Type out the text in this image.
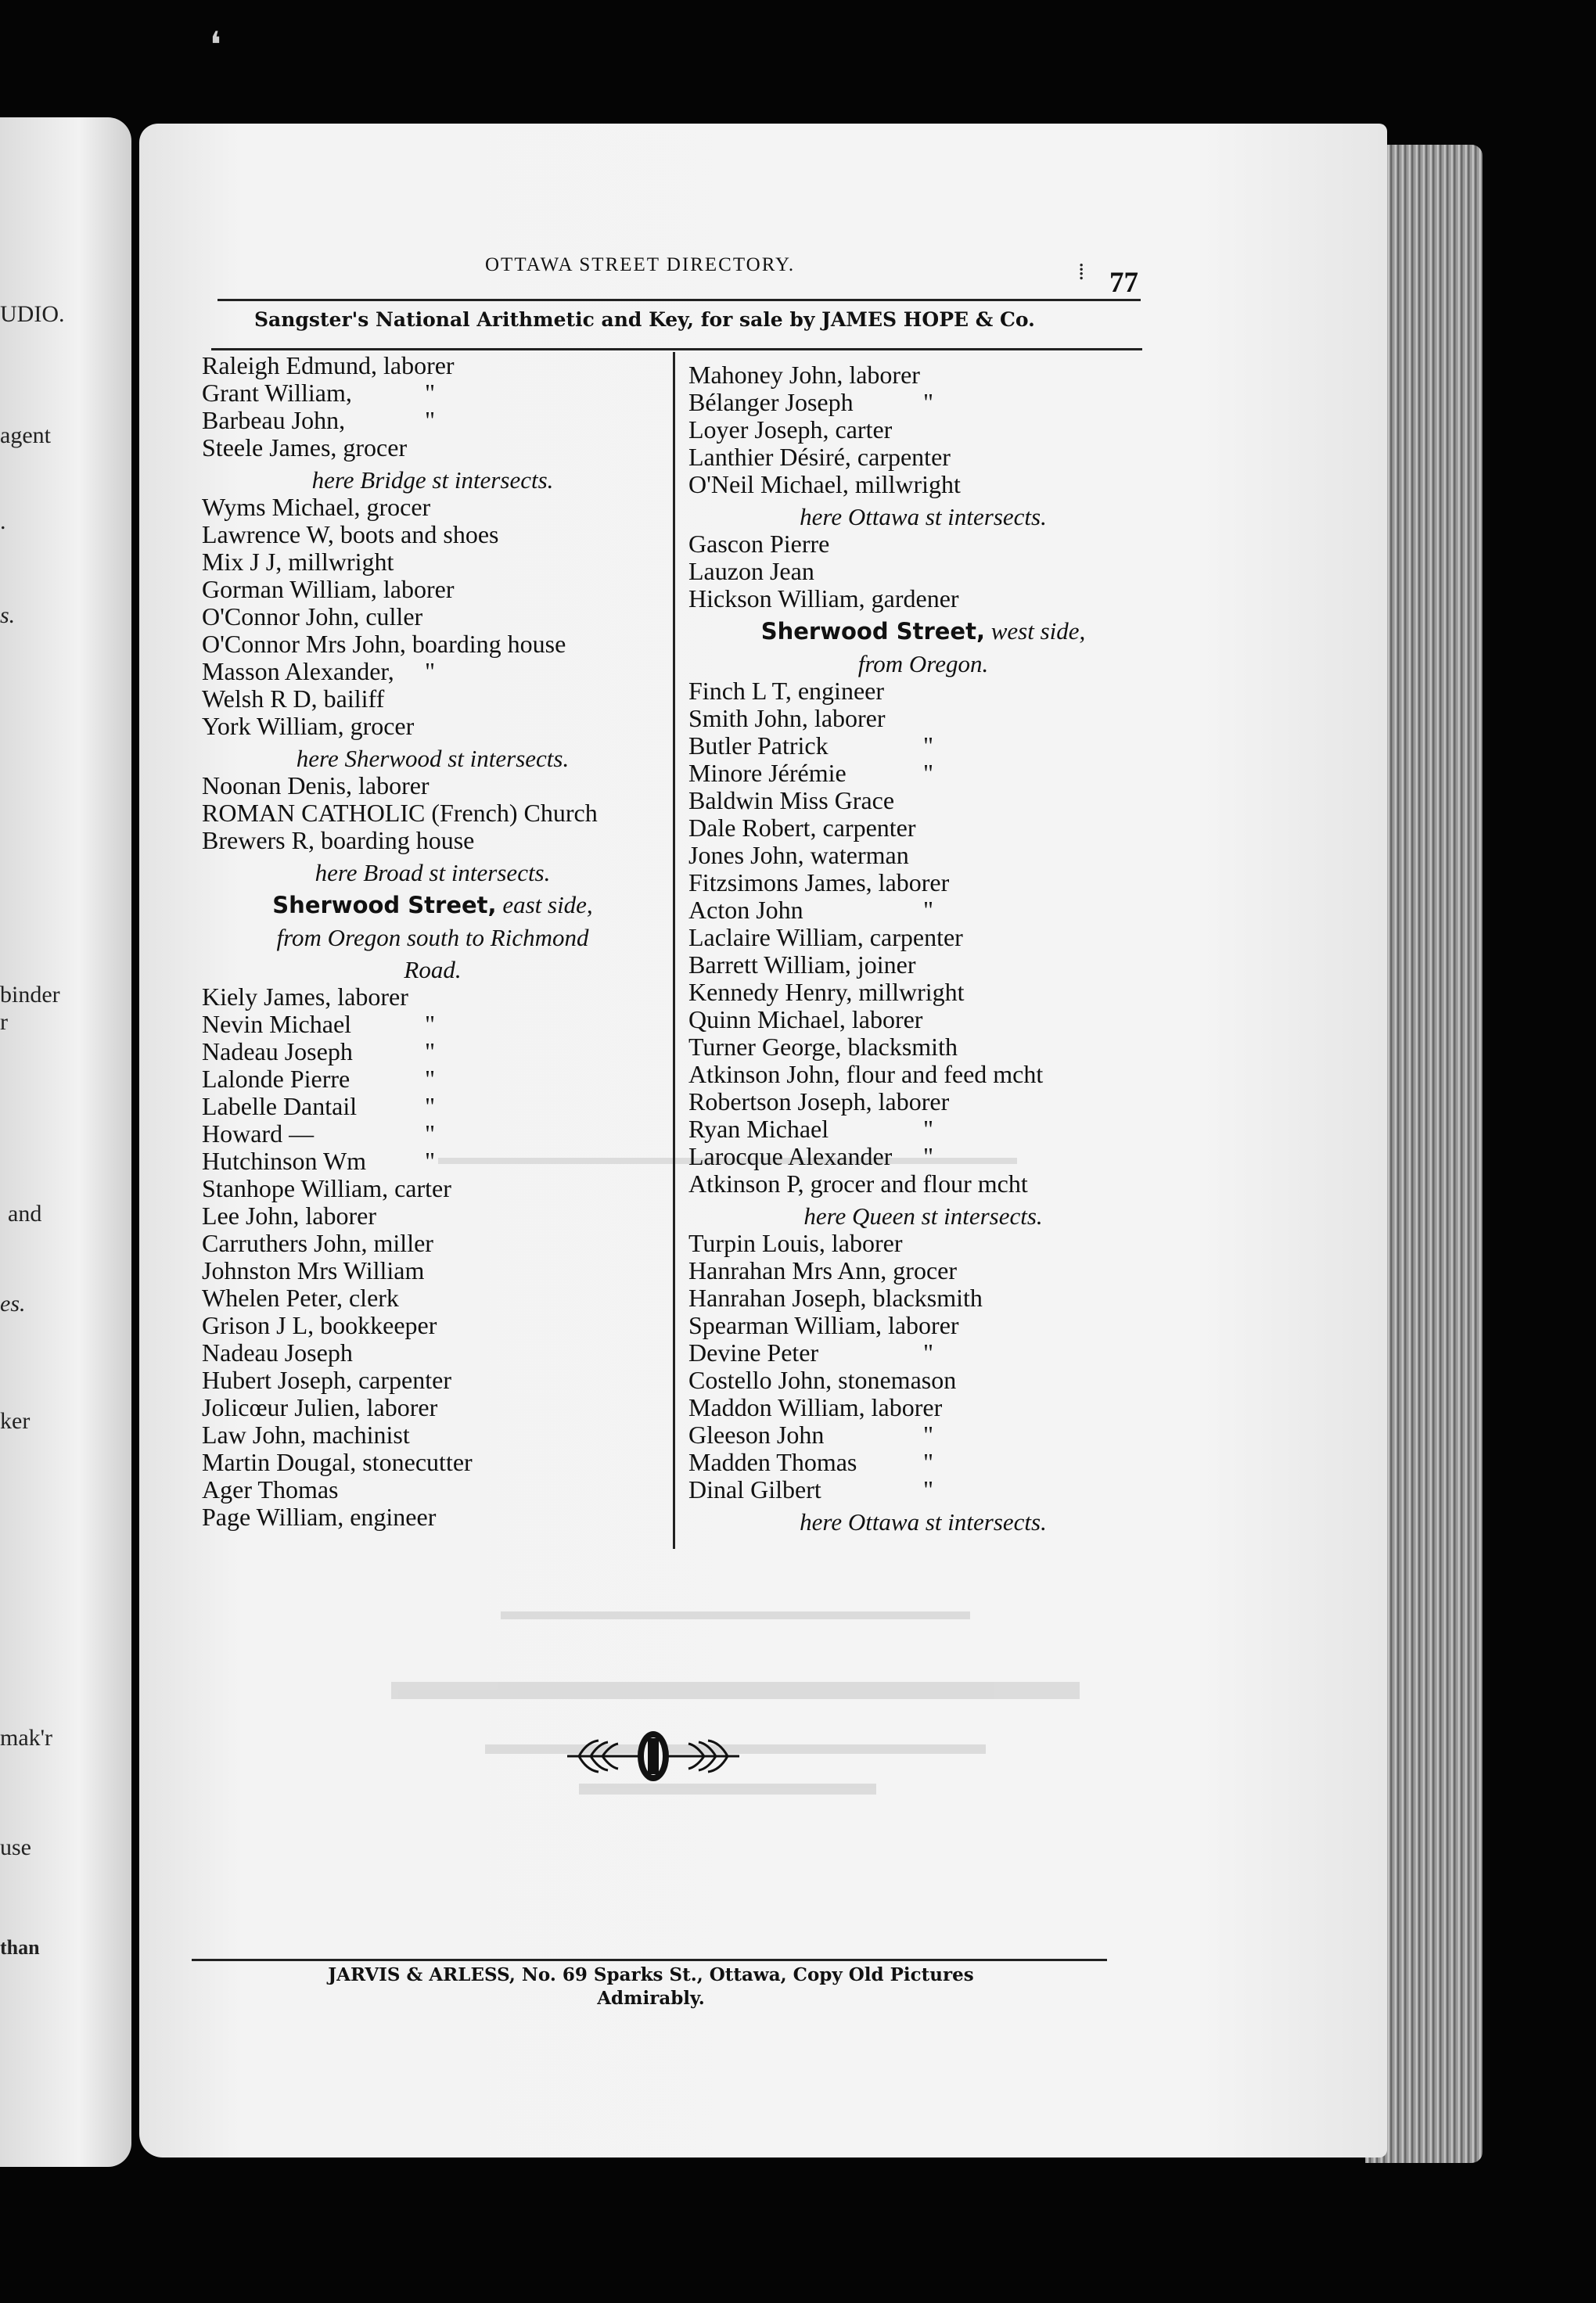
UDIO.
agent
.
s.
binder
r
and
es.
ker
mak'r
use
than
❛
OTTAWA STREET DIRECTORY.	⁞ 77
Sangster's National Arithmetic and Key, for sale by JAMES HOPE & Co.
Raleigh Edmund, laborer
Grant William,	"
Barbeau John,	"
Steele James, grocer
here Bridge st intersects.
Wyms Michael, grocer
Lawrence W, boots and shoes
Mix J J, millwright
Gorman William, laborer
O'Connor John, culler
O'Connor Mrs John, boarding house
Masson Alexander, "
Welsh R D, bailiff
York William, grocer
here Sherwood st intersects.
Noonan Denis, laborer
ROMAN CATHOLIC (French) Church
Brewers R, boarding house
here Broad st intersects.
Sherwood Street, east side,
from Oregon south to Richmond
Road.
Kiely James, laborer
Nevin Michael	"
Nadeau Joseph	"
Lalonde Pierre	"
Labelle Dantail	"
Howard —	"
Hutchinson Wm "
Stanhope William, carter
Lee John, laborer
Carruthers John, miller
Johnston Mrs William
Whelen Peter, clerk
Grison J L, bookkeeper
Nadeau Joseph
Hubert Joseph, carpenter
Jolicœur Julien, laborer
Law John, machinist
Martin Dougal, stonecutter
Ager Thomas
Page William, engineer
Mahoney John, laborer
Bélanger Joseph	"
Loyer Joseph, carter
Lanthier Désiré, carpenter
O'Neil Michael, millwright
here Ottawa st intersects.
Gascon Pierre
Lauzon Jean
Hickson William, gardener
Sherwood Street, west side,
from Oregon.
Finch L T, engineer
Smith John, laborer
Butler Patrick	"
Minore Jérémie	"
Baldwin Miss Grace
Dale Robert, carpenter
Jones John, waterman
Fitzsimons James, laborer
Acton John	"
Laclaire William, carpenter
Barrett William, joiner
Kennedy Henry, millwright
Quinn Michael, laborer
Turner George, blacksmith
Atkinson John, flour and feed mcht
Robertson Joseph, laborer
Ryan Michael	"
Larocque Alexander "
Atkinson P, grocer and flour mcht
here Queen st intersects.
Turpin Louis, laborer
Hanrahan Mrs Ann, grocer
Hanrahan Joseph, blacksmith
Spearman William, laborer
Devine Peter	"
Costello John, stonemason
Maddon William, laborer
Gleeson John	"
Madden Thomas	"
Dinal Gilbert	"
here Ottawa st intersects.
JARVIS & ARLESS, No. 69 Sparks St., Ottawa, Copy Old Pictures
Admirably.
